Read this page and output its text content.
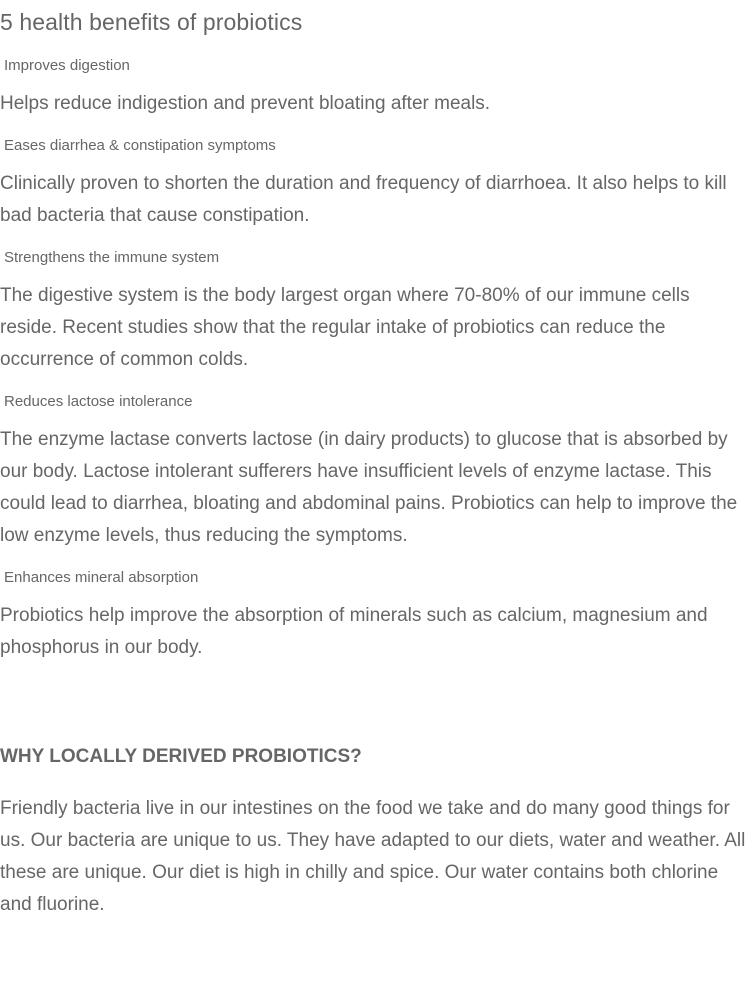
5 health benefits of probiotics
Improves digestion

Helps reduce indigestion and prevent bloating after meals.

Eases diarrhea & constipation symptoms

Clinically proven to shorten the duration and frequency of diarrhoea. It also helps to kill bad bacteria that cause constipation.

Strengthens the immune system

The digestive system is the body largest organ where 70-80% of our immune cells reside. Recent studies show that the regular intake of probiotics can reduce the occurrence of common colds.

Reduces lactose intolerance

The enzyme lactase converts lactose (in dairy products) to glucose that is absorbed by our body. Lactose intolerant sufferers have insufficient levels of enzyme lactase. This could lead to diarrhea, bloating and abdominal pains. Probiotics can help to improve the low enzyme levels, thus reducing the symptoms.

Enhances mineral absorption

Probiotics help improve the absorption of minerals such as calcium, magnesium and phosphorus in our body.

WHY LOCALLY DERIVED PROBIOTICS?

Friendly bacteria live in our intestines on the food we take and do many good things for us. Our bacteria are unique to us. They have adapted to our diets, water and weather. All these are unique. Our diet is high in chilly and spice. Our water contains both chlorine and fluorine.
